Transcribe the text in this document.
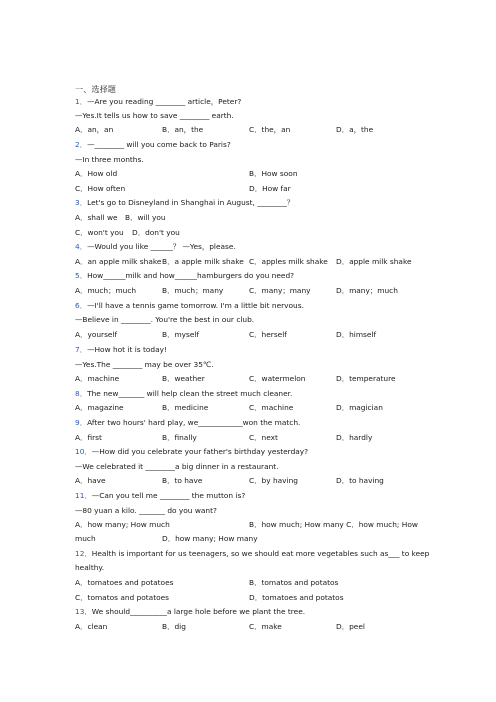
一、选择题
1．—Are you reading ________ article，Peter?
—Yes.It tells us how to save ________ earth.
A．an，an	B．an，the	C．the，an	D．a，the
2．—________ will you come back to Paris?
—In three months.
A．How old	B．How soon
C．How often	D．How far
3．Let's go to Disneyland in Shanghai in August, ________？
A．shall we B．will you
C．won't you D．don't you
4．—Would you like ______？ —Yes，please.
A．an apple milk shake B．a apple milk shake C．apples milk shake D．apple milk shake
5．How______milk and how______hamburgers do you need?
A．much；much	B．much；many	C．many；many	D．many；much
6．—I'll have a tennis game tomorrow. I'm a little bit nervous.
—Believe in ________. You're the best in our club.
A．yourself	B．myself	C．herself	D．himself
7．—How hot it is today!
—Yes.The ________ may be over 35℃.
A．machine	B．weather	C．watermelon	D．temperature
8．The new_______ will help clean the street much cleaner.
A．magazine	B．medicine	C．machine	D．magician
9．After two hours' hard play, we____________won the match.
A．first	B．finally	C．next	D．hardly
10．—How did you celebrate your father's birthday yesterday?
—We celebrated it ________a big dinner in a restaurant.
A．have	B．to have	C．by having	D．to having
11．—Can you tell me ________ the mutton is?
—80 yuan a kilo. _______ do you want?
A．how many; How much	B．how much; How many C．how much; How
much	D．how many; How many
12．Health is important for us teenagers, so we should eat more vegetables such as___ to keep
healthy.
A．tomatoes and potatoes	B．tomatos and potatos
C．tomatos and potatoes	D．tomatoes and potatos
13．We should__________a large hole before we plant the tree.
A．clean	B．dig	C．make	D．peel
